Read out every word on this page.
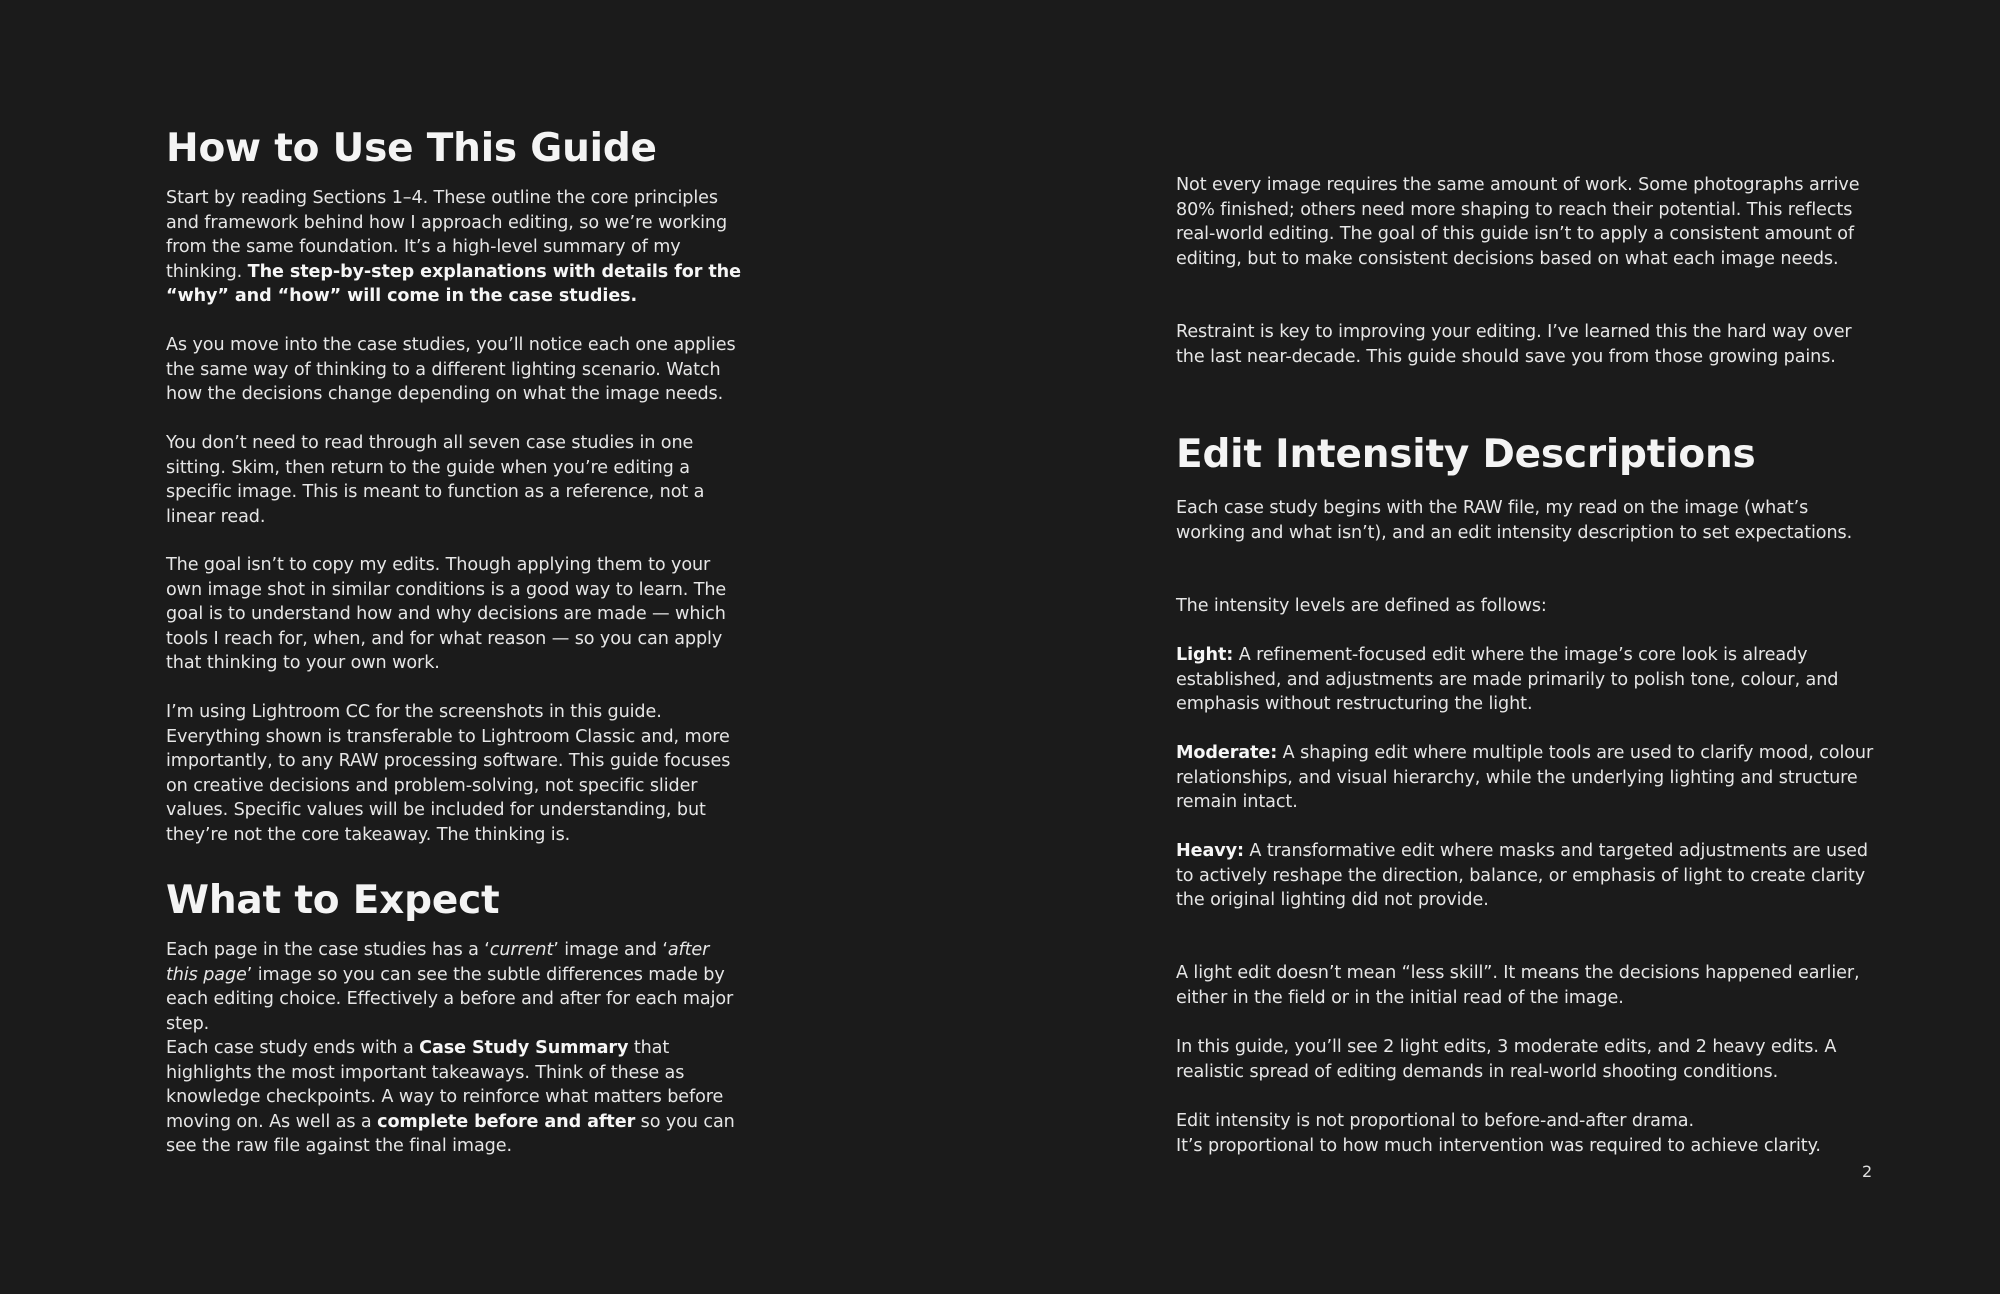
How to Use This Guide

Start by reading Sections 1–4. These outline the core principles and framework behind how I approach editing, so we’re working from the same foundation. It’s a high-level summary of my thinking. The step-by-step explanations with details for the “why” and “how” will come in the case studies.

As you move into the case studies, you’ll notice each one applies the same way of thinking to a different lighting scenario. Watch how the decisions change depending on what the image needs.

You don’t need to read through all seven case studies in one sitting. Skim, then return to the guide when you’re editing a specific image. This is meant to function as a reference, not a linear read.

The goal isn’t to copy my edits. Though applying them to your own image shot in similar conditions is a good way to learn. The goal is to understand how and why decisions are made — which tools I reach for, when, and for what reason — so you can apply that thinking to your own work.

I’m using Lightroom CC for the screenshots in this guide. Everything shown is transferable to Lightroom Classic and, more importantly, to any RAW processing software. This guide focuses on creative decisions and problem-solving, not specific slider values. Specific values will be included for understanding, but they’re not the core takeaway. The thinking is.

What to Expect

Each page in the case studies has a ‘current’ image and ‘after this page’ image so you can see the subtle differences made by each editing choice. Effectively a before and after for each major step.

Each case study ends with a Case Study Summary that highlights the most important takeaways. Think of these as knowledge checkpoints. A way to reinforce what matters before moving on. As well as a complete before and after so you can see the raw file against the final image.

Not every image requires the same amount of work. Some photographs arrive 80% finished; others need more shaping to reach their potential. This reflects real-world editing. The goal of this guide isn’t to apply a consistent amount of editing, but to make consistent decisions based on what each image needs.

Restraint is key to improving your editing. I’ve learned this the hard way over the last near-decade. This guide should save you from those growing pains.

Edit Intensity Descriptions

Each case study begins with the RAW file, my read on the image (what’s working and what isn’t), and an edit intensity description to set expectations.

The intensity levels are defined as follows:

Light: A refinement-focused edit where the image’s core look is already established, and adjustments are made primarily to polish tone, colour, and emphasis without restructuring the light.

Moderate: A shaping edit where multiple tools are used to clarify mood, colour relationships, and visual hierarchy, while the underlying lighting and structure remain intact.

Heavy: A transformative edit where masks and targeted adjustments are used to actively reshape the direction, balance, or emphasis of light to create clarity the original lighting did not provide.

A light edit doesn’t mean “less skill”. It means the decisions happened earlier, either in the field or in the initial read of the image.

In this guide, you’ll see 2 light edits, 3 moderate edits, and 2 heavy edits. A realistic spread of editing demands in real-world shooting conditions.

Edit intensity is not proportional to before-and-after drama.
It’s proportional to how much intervention was required to achieve clarity.

2
